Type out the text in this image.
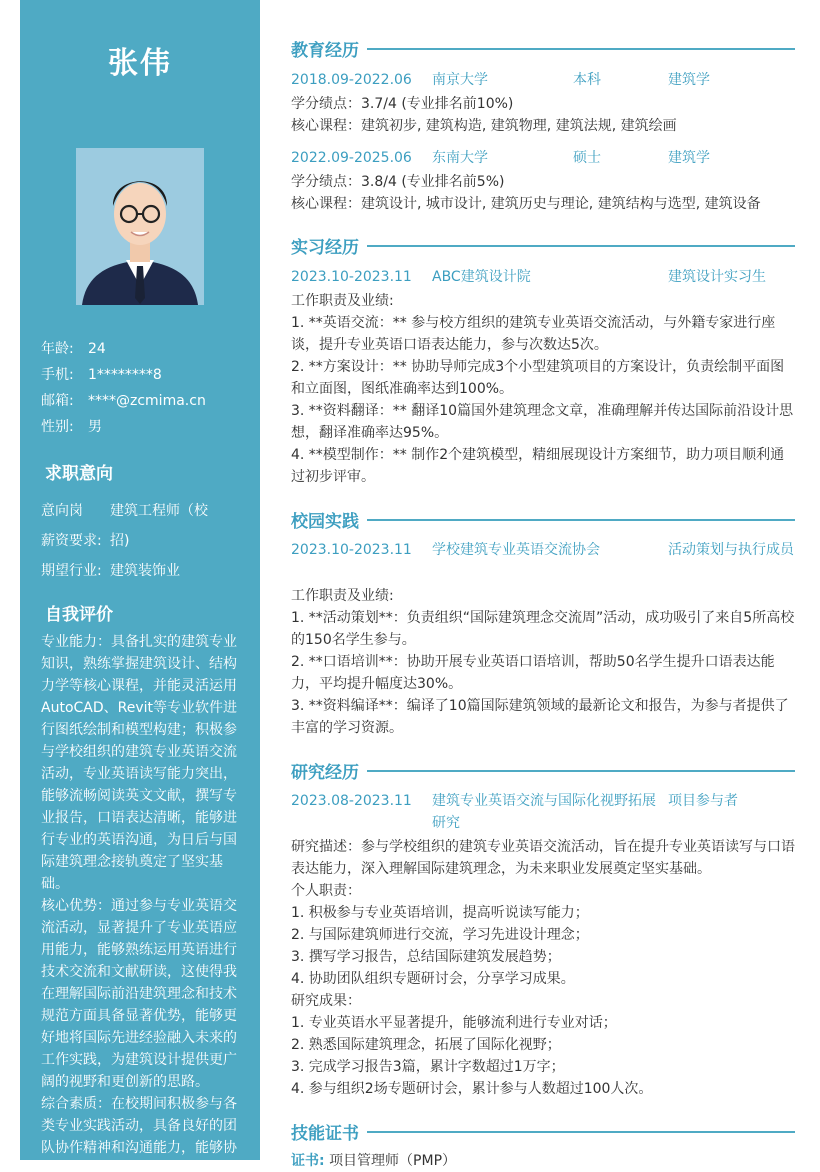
张伟
年龄:	24
手机:	1********8
邮箱:	****@zcmima.cn
性别:	男
求职意向
意向岗 建筑工程师（校
薪资要求: 招)
期望行业: 建筑装饰业
自我评价

专业能力：具备扎实的建筑专业知识，熟练掌握建筑设计、结构力学等核心课程，并能灵活运用AutoCAD、Revit等专业软件进行图纸绘制和模型构建；积极参与学校组织的建筑专业英语交流活动，专业英语读写能力突出，能够流畅阅读英文文献，撰写专业报告，口语表达清晰，能够进行专业的英语沟通，为日后与国际建筑理念接轨奠定了坚实基础。

核心优势：通过参与专业英语交流活动，显著提升了专业英语应用能力，能够熟练运用英语进行技术交流和文献研读，这使得我在理解国际前沿建筑理念和技术规范方面具备显著优势，能够更好地将国际先进经验融入未来的工作实践，为建筑设计提供更广阔的视野和更创新的思路。

综合素质：在校期间积极参与各类专业实践活动，具备良好的团队协作精神和沟通能力，能够协

教育经历
2018.09-2022.06 南京大学	本科	建筑学

学分绩点：3.7/4 (专业排名前10%)

核心课程：建筑初步, 建筑构造, 建筑物理, 建筑法规, 建筑绘画

2022.09-2025.06 东南大学	硕士	建筑学

学分绩点：3.8/4 (专业排名前5%)

核心课程：建筑设计, 城市设计, 建筑历史与理论, 建筑结构与选型, 建筑设备

实习经历
2023.10-2023.11 ABC建筑设计院	建筑设计实习生

工作职责及业绩:

1. **英语交流：** 参与校方组织的建筑专业英语交流活动，与外籍专家进行座谈，提升专业英语口语表达能力，参与次数达5次。

2. **方案设计：** 协助导师完成3个小型建筑项目的方案设计，负责绘制平面图和立面图，图纸准确率达到100%。

3. **资料翻译：** 翻译10篇国外建筑理念文章，准确理解并传达国际前沿设计思想，翻译准确率达95%。

4. **模型制作：** 制作2个建筑模型，精细展现设计方案细节，助力项目顺利通过初步评审。

校园实践
2023.10-2023.11 学校建筑专业英语交流协会	活动策划与执行成员

工作职责及业绩:

1. **活动策划**：负责组织“国际建筑理念交流周”活动，成功吸引了来自5所高校的150名学生参与。

2. **口语培训**：协助开展专业英语口语培训，帮助50名学生提升口语表达能力，平均提升幅度达30%。

3. **资料编译**：编译了10篇国际建筑领域的最新论文和报告，为参与者提供了丰富的学习资源。

研究经历
2023.08-2023.11 建筑专业英语交流与国际化视野拓展研究
项目参与者

研究描述：参与学校组织的建筑专业英语交流活动，旨在提升专业英语读写与口语表达能力，深入理解国际建筑理念，为未来职业发展奠定坚实基础。

个人职责：

1. 积极参与专业英语培训，提高听说读写能力；

2. 与国际建筑师进行交流，学习先进设计理念；

3. 撰写学习报告，总结国际建筑发展趋势；

4. 协助团队组织专题研讨会，分享学习成果。

研究成果：

1. 专业英语水平显著提升，能够流利进行专业对话；

2. 熟悉国际建筑理念，拓展了国际化视野；

3. 完成学习报告3篇，累计字数超过1万字；

4. 参与组织2场专题研讨会，累计参与人数超过100人次。

技能证书

证书: 项目管理师（PMP）
